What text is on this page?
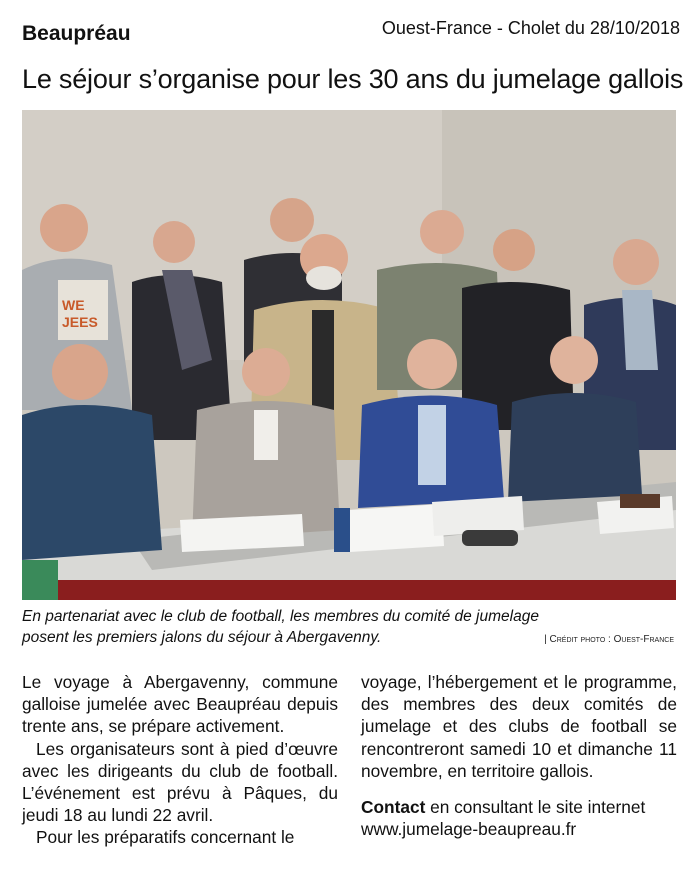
Beaupréau	Ouest-France - Cholet du 28/10/2018
Le séjour s’organise pour les 30 ans du jumelage gallois
WE
JEES
En partenariat avec le club de football, les membres du comité de jumelage
posent les premiers jalons du séjour à Abergavenny.	| Crédit photo : Ouest-France

Le voyage à Abergavenny, commune galloise jumelée avec Beaupréau depuis trente ans, se prépare activement.

Les organisateurs sont à pied d’œuvre avec les dirigeants du club de football. L’événement est prévu à Pâques, du jeudi 18 au lundi 22 avril.

Pour les préparatifs concernant le

voyage, l’hébergement et le programme, des membres des deux comités de jumelage et des clubs de football se rencontreront samedi 10 et dimanche 11 novembre, en territoire gallois.

Contact en consultant le site internet

www.jumelage-beaupreau.fr
